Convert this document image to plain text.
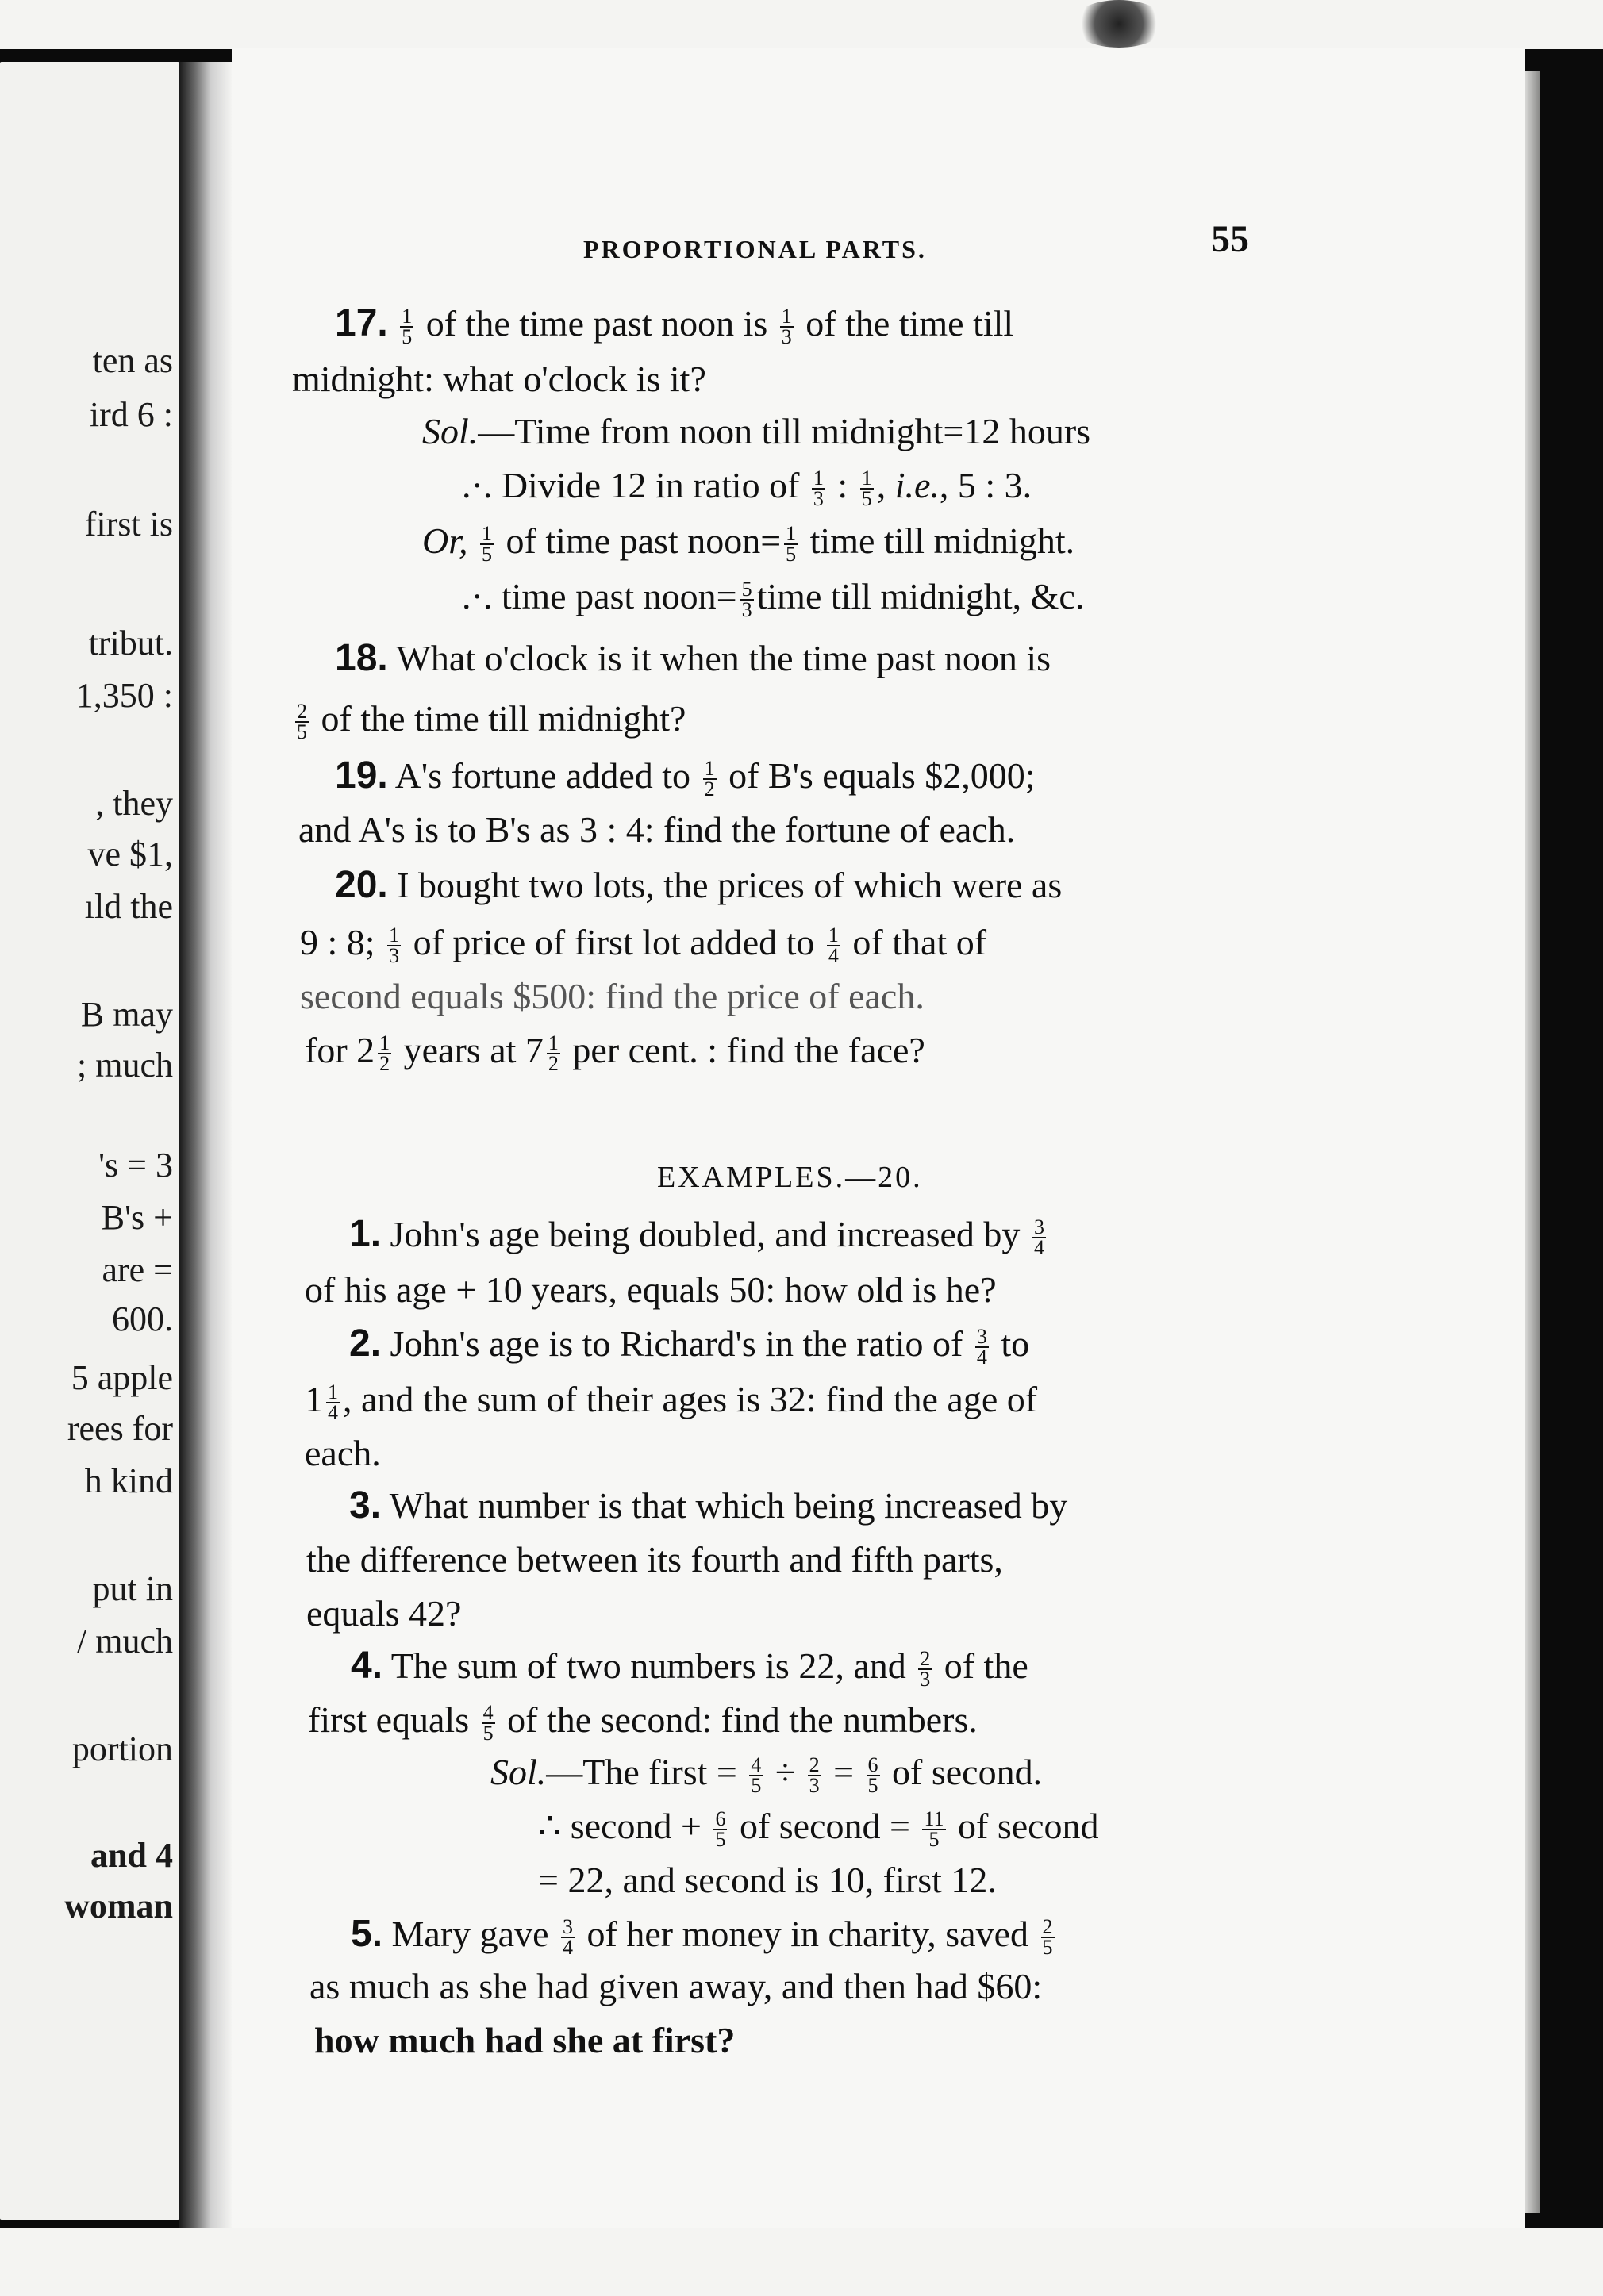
ten as
ird 6 :
first is
tribut.
1,350 :
, they
ve $1,
ıld the
B may
; much
's = 3
B's +
are =
600.
5 apple
rees for
h kind
put in
/ much
portion
and 4
woman
PROPORTIONAL PARTS.	55
17. $\frac{1}{5}$ of the time past noon is $\frac{1}{3}$ of the time till
midnight: what o'clock is it?
Sol.—Time from noon till midnight=12 hours
.·. Divide 12 in ratio of $\frac{1}{3}$ : $\frac{1}{5}$ , i.e., 5 : 3.
Or, $\frac{1}{5}$ of time past noon= $\frac{1}{5}$ time till midnight.
.·. time past noon= $\frac{5}{3}$ time till midnight, &c.
18. What o'clock is it when the time past noon is
$\frac{2}{5}$ of the time till midnight?
19. A's fortune added to $\frac{1}{2}$ of B's equals $2,000;
and A's is to B's as 3 : 4: find the fortune of each.
20. I bought two lots, the prices of which were as
9 : 8; $\frac{1}{3}$ of price of first lot added to $\frac{1}{4}$ of that of
second equals $500: find the price of each.
for $2 \frac{1}{2}$ years at $7 \frac{1}{2}$ per cent. : find the face?
EXAMPLES.—20.
1. John's age being doubled, and increased by $\frac{3}{4}$
of his age + 10 years, equals 50: how old is he?
2. John's age is to Richard's in the ratio of $\frac{3}{4}$ to
$1 \frac{1}{4}$ , and the sum of their ages is 32: find the age of
each.
3. What number is that which being increased by
the difference between its fourth and fifth parts,
equals 42?
4. The sum of two numbers is 22, and $\frac{2}{3}$ of the
first equals $\frac{4}{5}$ of the second: find the numbers.
Sol.—The first = $\frac{4}{5} \div \frac{2}{3} = \frac{6}{5}$ of second.
∴ second + $\frac{6}{5}$ of second = $\frac{11}{5}$ of second
= 22, and second is 10, first 12.
5. Mary gave $\frac{3}{4}$ of her money in charity, saved $\frac{2}{5}$
as much as she had given away, and then had $60:
how much had she at first?
